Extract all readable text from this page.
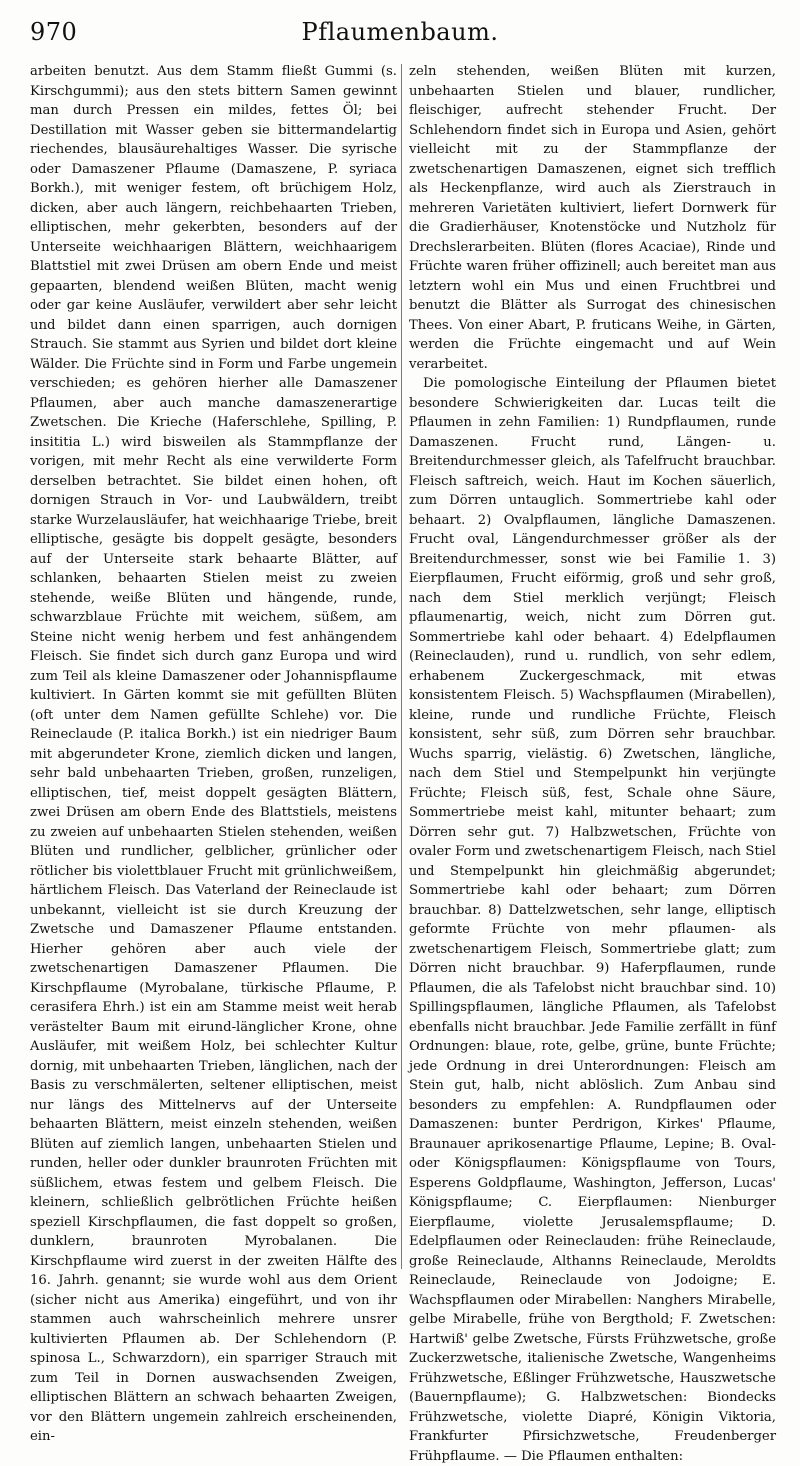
970	Pflaumenbaum.

arbeiten benutzt. Aus dem Stamm fließt Gummi (s. Kirschgummi); aus den stets bittern Samen gewinnt man durch Pressen ein mildes, fettes Öl; bei Destillation mit Wasser geben sie bittermandelartig riechendes, blausäurehaltiges Wasser. Die syrische oder Damaszener Pflaume (Damaszene, P. syriaca Borkh.), mit weniger festem, oft brüchigem Holz, dicken, aber auch längern, reichbehaarten Trieben, elliptischen, mehr gekerbten, besonders auf der Unterseite weichhaarigen Blättern, weichhaarigem Blattstiel mit zwei Drüsen am obern Ende und meist gepaarten, blendend weißen Blüten, macht wenig oder gar keine Ausläufer, verwildert aber sehr leicht und bildet dann einen sparrigen, auch dornigen Strauch. Sie stammt aus Syrien und bildet dort kleine Wälder. Die Früchte sind in Form und Farbe ungemein verschieden; es gehören hierher alle Damaszener Pflaumen, aber auch manche damaszenerartige Zwetschen. Die Krieche (Haferschlehe, Spilling, P. insititia L.) wird bisweilen als Stammpflanze der vorigen, mit mehr Recht als eine verwilderte Form derselben betrachtet. Sie bildet einen hohen, oft dornigen Strauch in Vor- und Laubwäldern, treibt starke Wurzelausläufer, hat weichhaarige Triebe, breit elliptische, gesägte bis doppelt gesägte, besonders auf der Unterseite stark behaarte Blätter, auf schlanken, behaarten Stielen meist zu zweien stehende, weiße Blüten und hängende, runde, schwarzblaue Früchte mit weichem, süßem, am Steine nicht wenig herbem und fest anhängendem Fleisch. Sie findet sich durch ganz Europa und wird zum Teil als kleine Damaszener oder Johannispflaume kultiviert. In Gärten kommt sie mit gefüllten Blüten (oft unter dem Namen gefüllte Schlehe) vor. Die Reineclaude (P. italica Borkh.) ist ein niedriger Baum mit abgerundeter Krone, ziemlich dicken und langen, sehr bald unbehaarten Trieben, großen, runzeligen, elliptischen, tief, meist doppelt gesägten Blättern, zwei Drüsen am obern Ende des Blattstiels, meistens zu zweien auf unbehaarten Stielen stehenden, weißen Blüten und rundlicher, gelblicher, grünlicher oder rötlicher bis violettblauer Frucht mit grünlichweißem, härtlichem Fleisch. Das Vaterland der Reineclaude ist unbekannt, vielleicht ist sie durch Kreuzung der Zwetsche und Damaszener Pflaume entstanden. Hierher gehören aber auch viele der zwetschenartigen Damaszener Pflaumen. Die Kirschpflaume (Myrobalane, türkische Pflaume, P. cerasifera Ehrh.) ist ein am Stamme meist weit herab verästelter Baum mit eirund-länglicher Krone, ohne Ausläufer, mit weißem Holz, bei schlechter Kultur dornig, mit unbehaarten Trieben, länglichen, nach der Basis zu verschmälerten, seltener elliptischen, meist nur längs des Mittelnervs auf der Unterseite behaarten Blättern, meist einzeln stehenden, weißen Blüten auf ziemlich langen, unbehaarten Stielen und runden, heller oder dunkler braunroten Früchten mit süßlichem, etwas festem und gelbem Fleisch. Die kleinern, schließlich gelbrötlichen Früchte heißen speziell Kirschpflaumen, die fast doppelt so großen, dunklern, braunroten Myrobalanen. Die Kirschpflaume wird zuerst in der zweiten Hälfte des 16. Jahrh. genannt; sie wurde wohl aus dem Orient (sicher nicht aus Amerika) eingeführt, und von ihr stammen auch wahrscheinlich mehrere unsrer kultivierten Pflaumen ab. Der Schlehendorn (P. spinosa L., Schwarzdorn), ein sparriger Strauch mit zum Teil in Dornen auswachsenden Zweigen, elliptischen Blättern an schwach behaarten Zweigen, vor den Blättern ungemein zahlreich erscheinenden, ein-

zeln stehenden, weißen Blüten mit kurzen, unbehaarten Stielen und blauer, rundlicher, fleischiger, aufrecht stehender Frucht. Der Schlehendorn findet sich in Europa und Asien, gehört vielleicht mit zu der Stammpflanze der zwetschenartigen Damaszenen, eignet sich trefflich als Heckenpflanze, wird auch als Zierstrauch in mehreren Varietäten kultiviert, liefert Dornwerk für die Gradierhäuser, Knotenstöcke und Nutzholz für Drechslerarbeiten. Blüten (flores Acaciae), Rinde und Früchte waren früher offizinell; auch bereitet man aus letztern wohl ein Mus und einen Fruchtbrei und benutzt die Blätter als Surrogat des chinesischen Thees. Von einer Abart, P. fruticans Weihe, in Gärten, werden die Früchte eingemacht und auf Wein verarbeitet.

Die pomologische Einteilung der Pflaumen bietet besondere Schwierigkeiten dar. Lucas teilt die Pflaumen in zehn Familien: 1) Rundpflaumen, runde Damaszenen. Frucht rund, Längen- u. Breitendurchmesser gleich, als Tafelfrucht brauchbar. Fleisch saftreich, weich. Haut im Kochen säuerlich, zum Dörren untauglich. Sommertriebe kahl oder behaart. 2) Ovalpflaumen, längliche Damaszenen. Frucht oval, Längendurchmesser größer als der Breitendurchmesser, sonst wie bei Familie 1. 3) Eierpflaumen, Frucht eiförmig, groß und sehr groß, nach dem Stiel merklich verjüngt; Fleisch pflaumenartig, weich, nicht zum Dörren gut. Sommertriebe kahl oder behaart. 4) Edelpflaumen (Reineclauden), rund u. rundlich, von sehr edlem, erhabenem Zuckergeschmack, mit etwas konsistentem Fleisch. 5) Wachspflaumen (Mirabellen), kleine, runde und rundliche Früchte, Fleisch konsistent, sehr süß, zum Dörren sehr brauchbar. Wuchs sparrig, vielästig. 6) Zwetschen, längliche, nach dem Stiel und Stempelpunkt hin verjüngte Früchte; Fleisch süß, fest, Schale ohne Säure, Sommertriebe meist kahl, mitunter behaart; zum Dörren sehr gut. 7) Halbzwetschen, Früchte von ovaler Form und zwetschenartigem Fleisch, nach Stiel und Stempelpunkt hin gleichmäßig abgerundet; Sommertriebe kahl oder behaart; zum Dörren brauchbar. 8) Dattelzwetschen, sehr lange, elliptisch geformte Früchte von mehr pflaumen- als zwetschenartigem Fleisch, Sommertriebe glatt; zum Dörren nicht brauchbar. 9) Haferpflaumen, runde Pflaumen, die als Tafelobst nicht brauchbar sind. 10) Spillingspflaumen, längliche Pflaumen, als Tafelobst ebenfalls nicht brauchbar. Jede Familie zerfällt in fünf Ordnungen: blaue, rote, gelbe, grüne, bunte Früchte; jede Ordnung in drei Unterordnungen: Fleisch am Stein gut, halb, nicht ablöslich. Zum Anbau sind besonders zu empfehlen: A. Rundpflaumen oder Damaszenen: bunter Perdrigon, Kirkes' Pflaume, Braunauer aprikosenartige Pflaume, Lepine; B. Oval- oder Königspflaumen: Königspflaume von Tours, Esperens Goldpflaume, Washington, Jefferson, Lucas' Königspflaume; C. Eierpflaumen: Nienburger Eierpflaume, violette Jerusalemspflaume; D. Edelpflaumen oder Reineclauden: frühe Reineclaude, große Reineclaude, Althanns Reineclaude, Meroldts Reineclaude, Reineclaude von Jodoigne; E. Wachspflaumen oder Mirabellen: Nanghers Mirabelle, gelbe Mirabelle, frühe von Bergthold; F. Zwetschen: Hartwiß' gelbe Zwetsche, Fürsts Frühzwetsche, große Zuckerzwetsche, italienische Zwetsche, Wangenheims Frühzwetsche, Eßlinger Frühzwetsche, Hauszwetsche (Bauernpflaume); G. Halbzwetschen: Biondecks Frühzwetsche, violette Diapré, Königin Viktoria, Frankfurter Pfirsichzwetsche, Freudenberger Frühpflaume. — Die Pflaumen enthalten:
